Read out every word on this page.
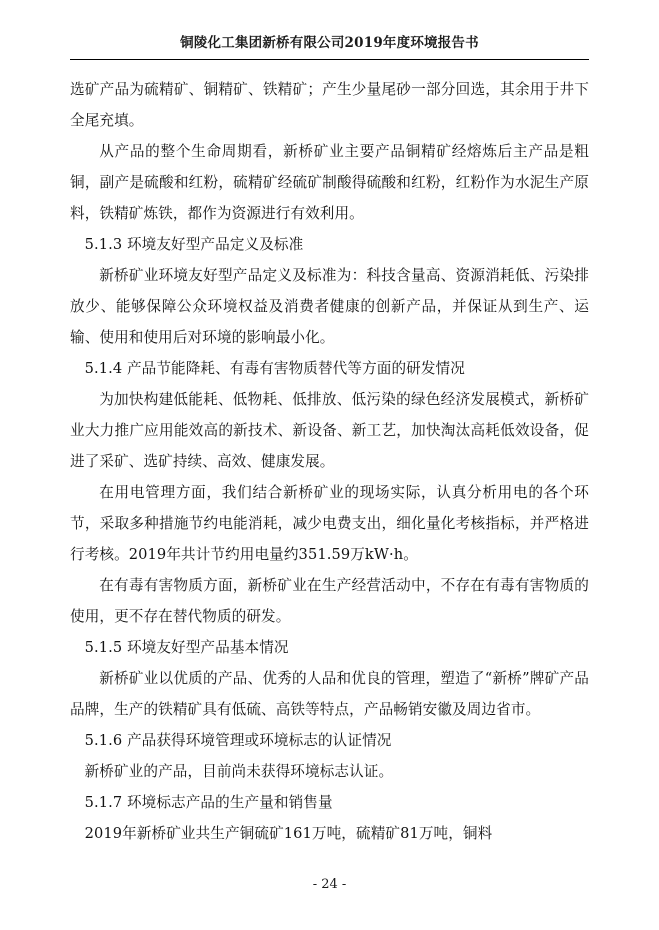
铜陵化工集团新桥有限公司2019年度环境报告书

选矿产品为硫精矿、铜精矿、铁精矿；产生少量尾砂一部分回选，其余用于井下全尾充填。

从产品的整个生命周期看，新桥矿业主要产品铜精矿经熔炼后主产品是粗铜，副产是硫酸和红粉，硫精矿经硫矿制酸得硫酸和红粉，红粉作为水泥生产原料，铁精矿炼铁，都作为资源进行有效利用。

5.1.3 环境友好型产品定义及标准

新桥矿业环境友好型产品定义及标准为：科技含量高、资源消耗低、污染排放少、能够保障公众环境权益及消费者健康的创新产品，并保证从到生产、运输、使用和使用后对环境的影响最小化。

5.1.4 产品节能降耗、有毒有害物质替代等方面的研发情况

为加快构建低能耗、低物耗、低排放、低污染的绿色经济发展模式，新桥矿业大力推广应用能效高的新技术、新设备、新工艺，加快淘汰高耗低效设备，促进了采矿、选矿持续、高效、健康发展。

在用电管理方面，我们结合新桥矿业的现场实际，认真分析用电的各个环节，采取多种措施节约电能消耗，减少电费支出，细化量化考核指标，并严格进行考核。2019年共计节约用电量约351.59万kW·h。

在有毒有害物质方面，新桥矿业在生产经营活动中，不存在有毒有害物质的使用，更不存在替代物质的研发。

5.1.5 环境友好型产品基本情况

新桥矿业以优质的产品、优秀的人品和优良的管理，塑造了“新桥”牌矿产品品牌，生产的铁精矿具有低硫、高铁等特点，产品畅销安徽及周边省市。

5.1.6 产品获得环境管理或环境标志的认证情况

新桥矿业的产品，目前尚未获得环境标志认证。

5.1.7 环境标志产品的生产量和销售量

2019年新桥矿业共生产铜硫矿161万吨，硫精矿81万吨，铜料

- 24 -
